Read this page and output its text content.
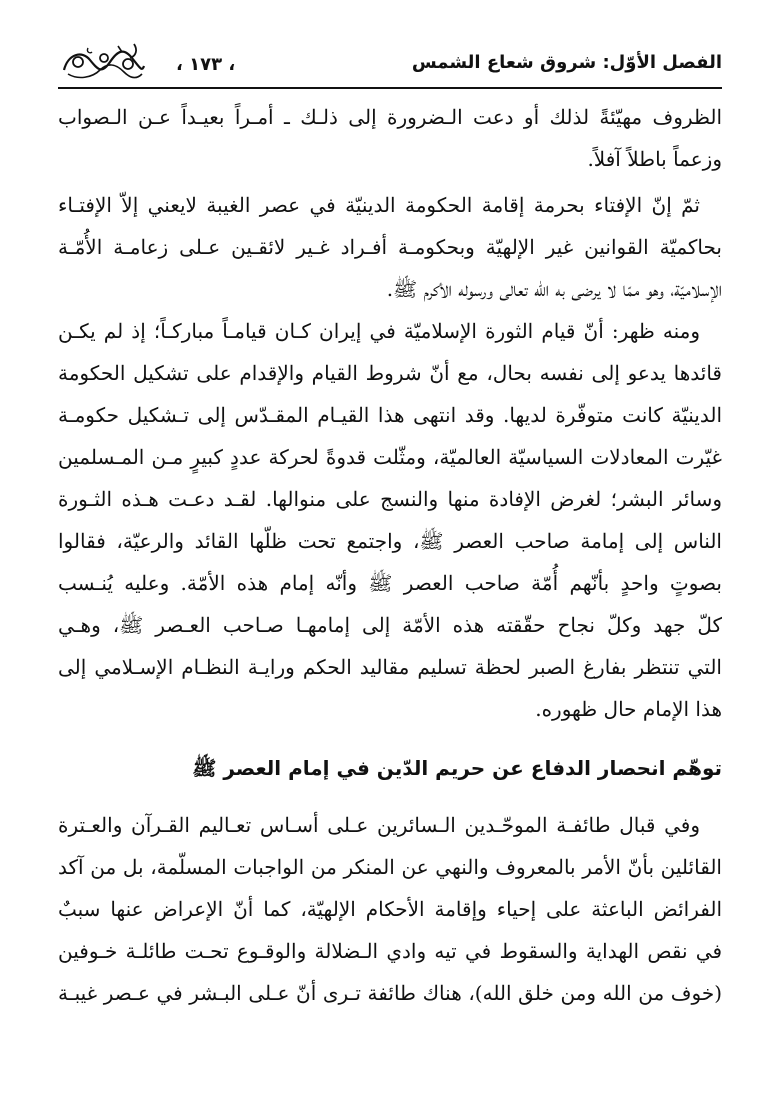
، ١٧٣ ،	الفصل الأوّل: شروق شعاع الشمس
الظروف مهيّئةً لذلك أو دعت الـضرورة إلى ذلـك ـ أمـراً بعيـداً عـن الـصواب
وزعماً باطلاً آفلاً.
ثمّ إنّ الإفتاء بحرمة إقامة الحكومة الدينيّة في عصر الغيبة لايعني إلاّ الإفتـاء
بحاكميّة القوانين غير الإلهيّة وبحكومـة أفـراد غـير لائقـين عـلى زعامـة الأُمّـة
الإسلاميّة، وهو ممّا لا يرضى به الله تعالى ورسوله الأكرم ﷺ.
ومنه ظهر: أنّ قيام الثورة الإسلاميّة في إيران كـان قيامـاً مباركـاً؛ إذ لم يكـن
قائدها يدعو إلى نفسه بحال، مع أنّ شروط القيام والإقدام على تشكيل الحكومة
الدينيّة كانت متوفّرة لديها. وقد انتهى هذا القيـام المقـدّس إلى تـشكيل حكومـة
غيّرت المعادلات السياسيّة العالميّة، ومثّلت قدوةً لحركة عددٍ كبيرٍ مـن المـسلمين
وسائر البشر؛ لغرض الإفادة منها والنسج على منوالها. لقـد دعـت هـذه الثـورة
الناس إلى إمامة صاحب العصر ﷺ، واجتمع تحت ظلّها القائد والرعيّة، فقالوا
بصوتٍ واحدٍ بأنّهم أُمّة صاحب العصر ﷺ وأنّه إمام هذه الأمّة. وعليه يُنـسب
كلّ جهد وكلّ نجاح حقّقته هذه الأمّة إلى إمامهـا صـاحب العـصر ﷺ، وهـي
التي تنتظر بفارغ الصبر لحظة تسليم مقاليد الحكم ورايـة النظـام الإسـلامي إلى
هذا الإمام حال ظهوره.
توهّم انحصار الدفاع عن حريم الدّين في إمام العصر ﷺ
وفي قبال طائفـة الموحّـدين الـسائرين عـلى أسـاس تعـاليم القـرآن والعـترة
القائلين بأنّ الأمر بالمعروف والنهي عن المنكر من الواجبات المسلّمة، بل من آكد
الفرائض الباعثة على إحياء وإقامة الأحكام الإلهيّة، كما أنّ الإعراض عنها سببٌ
في نقص الهداية والسقوط في تيه وادي الـضلالة والوقـوع تحـت طائلـة خـوفين
(خوف من الله ومن خلق الله)، هناك طائفة تـرى أنّ عـلى البـشر في عـصر غيبـة
